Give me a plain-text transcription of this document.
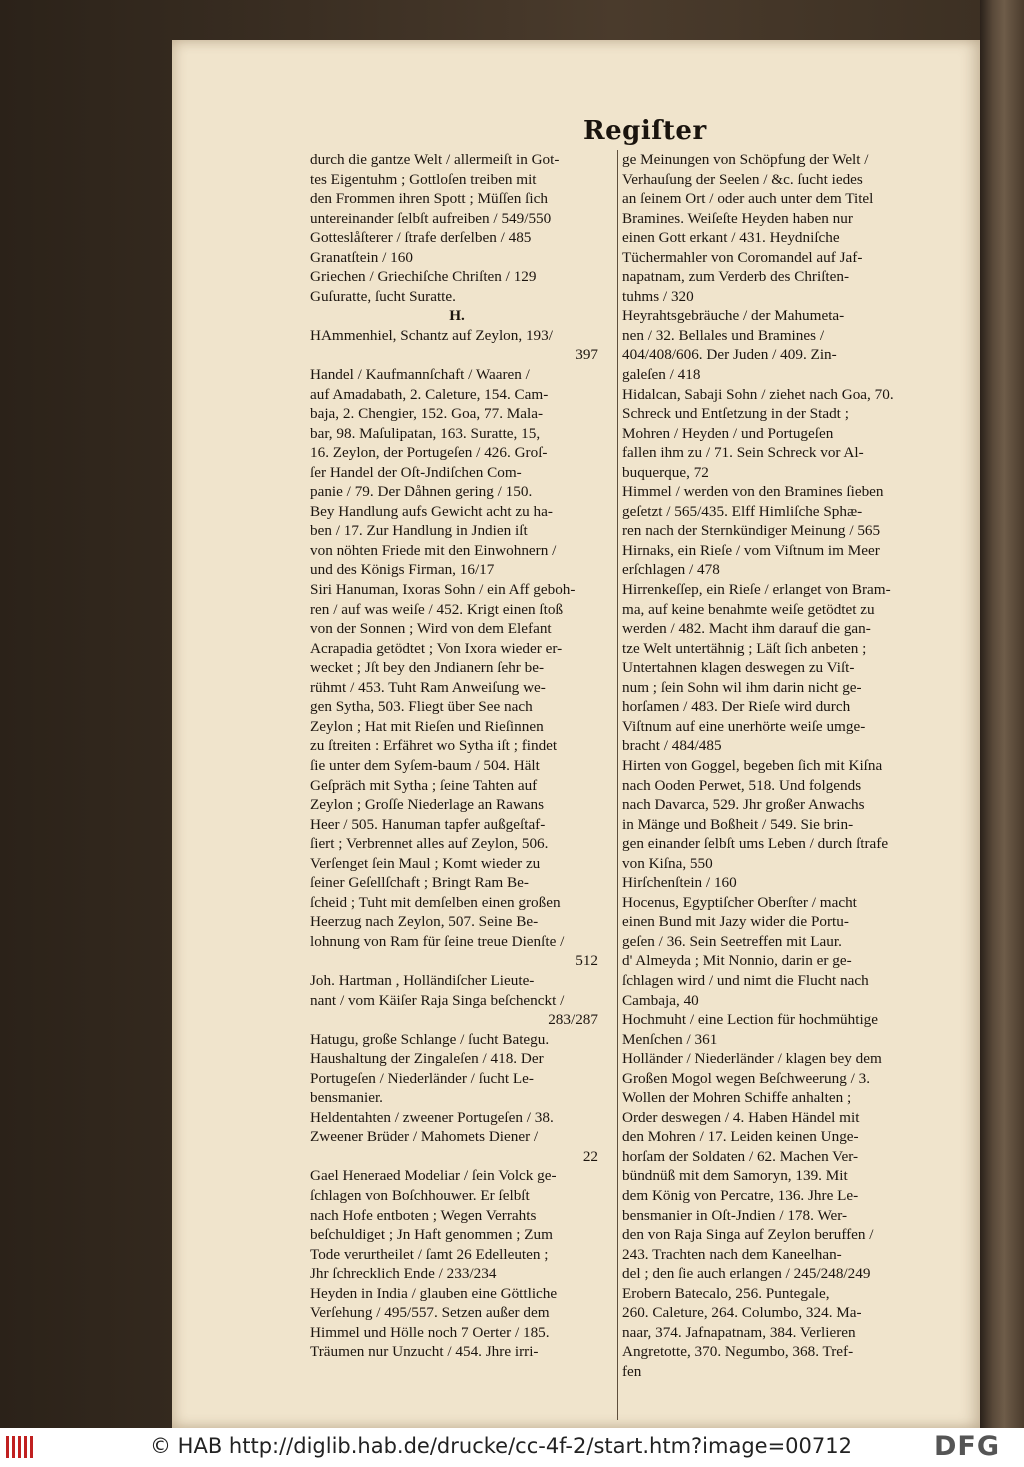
Regiſter
durch die gantze Welt / allermeiſt in Got-
tes Eigentuhm ; Gottloſen treiben mit
den Frommen ihren Spott ; Müſſen ſich
untereinander ſelbſt aufreiben / 549/550
Gotteslåſterer / ſtrafe derſelben / 485
Granatſtein / 160
Griechen / Griechiſche Chriſten / 129
Guſuratte, ſucht Suratte.
H.
HAmmenhiel, Schantz auf Zeylon, 193/
397
Handel / Kaufmannſchaft / Waaren /
auf Amadabath, 2. Caleture, 154. Cam-
baja, 2. Chengier, 152. Goa, 77. Mala-
bar, 98. Maſulipatan, 163. Suratte, 15,
16. Zeylon, der Portugeſen / 426. Groſ-
ſer Handel der Oſt-Jndiſchen Com-
panie / 79. Der Dåhnen gering / 150.
Bey Handlung aufs Gewicht acht zu ha-
ben / 17. Zur Handlung in Jndien iſt
von nöhten Friede mit den Einwohnern /
und des Königs Firman, 16/17
Siri Hanuman, Ixoras Sohn / ein Aff geboh-
ren / auf was weiſe / 452. Krigt einen ſtoß
von der Sonnen ; Wird von dem Elefant
Acrapadia getödtet ; Von Ixora wieder er-
wecket ; Jſt bey den Jndianern ſehr be-
rühmt / 453. Tuht Ram Anweiſung we-
gen Sytha, 503. Fliegt über See nach
Zeylon ; Hat mit Rieſen und Rieſinnen
zu ſtreiten : Erfähret wo Sytha iſt ; findet
ſie unter dem Syſem-baum / 504. Hält
Geſpräch mit Sytha ; ſeine Tahten auf
Zeylon ; Groſſe Niederlage an Rawans
Heer / 505. Hanuman tapfer außgeſtaf-
ſiert ; Verbrennet alles auf Zeylon, 506.
Verſenget ſein Maul ; Komt wieder zu
ſeiner Geſellſchaft ; Bringt Ram Be-
ſcheid ; Tuht mit demſelben einen großen
Heerzug nach Zeylon, 507. Seine Be-
lohnung von Ram für ſeine treue Dienſte /
512
Joh. Hartman , Holländiſcher Lieute-
nant / vom Käiſer Raja Singa beſchenckt /
283/287
Hatugu, große Schlange / ſucht Bategu.
Haushaltung der Zingaleſen / 418. Der
Portugeſen / Niederländer / ſucht Le-
bensmanier.
Heldentahten / zweener Portugeſen / 38.
Zweener Brüder / Mahomets Diener /
22
Gael Heneraed Modeliar / ſein Volck ge-
ſchlagen von Boſchhouwer. Er ſelbſt
nach Hofe entboten ; Wegen Verrahts
beſchuldiget ; Jn Haft genommen ; Zum
Tode verurtheilet / ſamt 26 Edelleuten ;
Jhr ſchrecklich Ende / 233/234
Heyden in India / glauben eine Göttliche
Verſehung / 495/557. Setzen außer dem
Himmel und Hölle noch 7 Oerter / 185.
Träumen nur Unzucht / 454. Jhre irri-
ge Meinungen von Schöpfung der Welt /
Verhauſung der Seelen / &c. ſucht iedes
an ſeinem Ort / oder auch unter dem Titel
Bramines. Weiſeſte Heyden haben nur
einen Gott erkant / 431. Heydniſche
Tüchermahler von Coromandel auf Jaf-
napatnam, zum Verderb des Chriſten-
tuhms / 320
Heyrahtsgebräuche / der Mahumeta-
nen / 32. Bellales und Bramines /
404/408/606. Der Juden / 409. Zin-
galeſen / 418
Hidalcan, Sabaji Sohn / ziehet nach Goa, 70.
Schreck und Entſetzung in der Stadt ;
Mohren / Heyden / und Portugeſen
fallen ihm zu / 71. Sein Schreck vor Al-
buquerque, 72
Himmel / werden von den Bramines ſieben
geſetzt / 565/435. Elff Himliſche Sphæ-
ren nach der Sternkündiger Meinung / 565
Hirnaks, ein Rieſe / vom Viſtnum im Meer
erſchlagen / 478
Hirrenkeſſep, ein Rieſe / erlanget von Bram-
ma, auf keine benahmte weiſe getödtet zu
werden / 482. Macht ihm darauf die gan-
tze Welt untertähnig ; Läſt ſich anbeten ;
Untertahnen klagen deswegen zu Viſt-
num ; ſein Sohn wil ihm darin nicht ge-
horſamen / 483. Der Rieſe wird durch
Viſtnum auf eine unerhörte weiſe umge-
bracht / 484/485
Hirten von Goggel, begeben ſich mit Kiſna
nach Ooden Perwet, 518. Und folgends
nach Davarca, 529. Jhr großer Anwachs
in Mänge und Boßheit / 549. Sie brin-
gen einander ſelbſt ums Leben / durch ſtrafe
von Kiſna, 550
Hirſchenſtein / 160
Hocenus, Egyptiſcher Oberſter / macht
einen Bund mit Jazy wider die Portu-
geſen / 36. Sein Seetreffen mit Laur.
d' Almeyda ; Mit Nonnio, darin er ge-
ſchlagen wird / und nimt die Flucht nach
Cambaja, 40
Hochmuht / eine Lection für hochmühtige
Menſchen / 361
Holländer / Niederländer / klagen bey dem
Großen Mogol wegen Beſchweerung / 3.
Wollen der Mohren Schiffe anhalten ;
Order deswegen / 4. Haben Händel mit
den Mohren / 17. Leiden keinen Unge-
horſam der Soldaten / 62. Machen Ver-
bündnüß mit dem Samoryn, 139. Mit
dem König von Percatre, 136. Jhre Le-
bensmanier in Oſt-Jndien / 178. Wer-
den von Raja Singa auf Zeylon beruffen /
243. Trachten nach dem Kaneelhan-
del ; den ſie auch erlangen / 245/248/249
Erobern Batecalo, 256. Puntegale,
260. Caleture, 264. Columbo, 324. Ma-
naar, 374. Jafnapatnam, 384. Verlieren
Angretotte, 370. Negumbo, 368. Tref-
fen
© HAB http://diglib.hab.de/drucke/cc-4f-2/start.htm?image=00712	DFG
